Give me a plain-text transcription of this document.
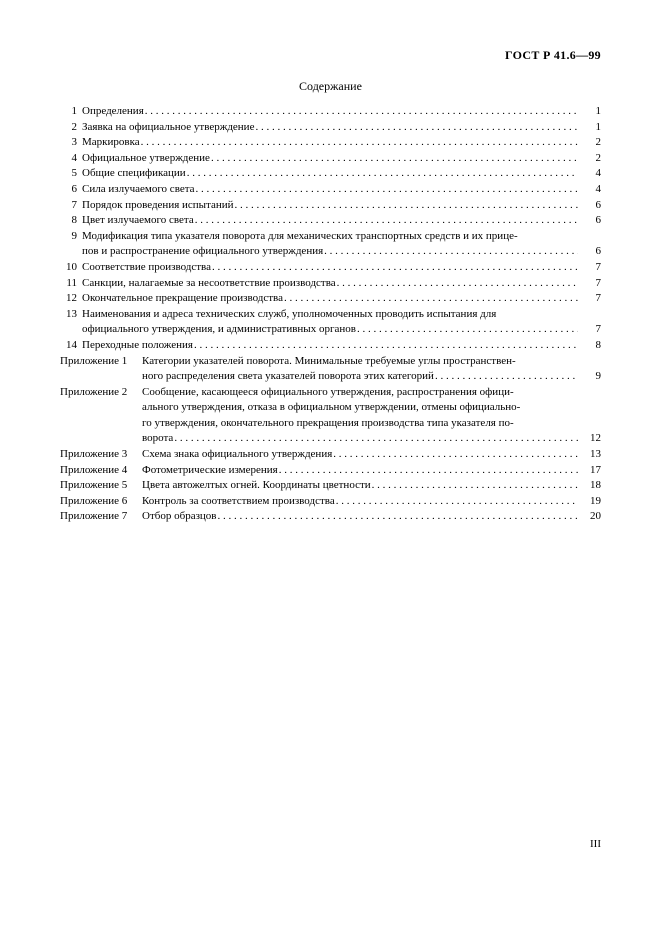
ГОСТ Р 41.6—99
Содержание
1 Определения . . .	1
2 Заявка на официальное утверждение . . .	1
3 Маркировка . . .	2
4 Официальное утверждение . . .	2
5 Общие спецификации . . .	4
6 Сила излучаемого света . . .	4
7 Порядок проведения испытаний . . .	6
8 Цвет излучаемого света . . .	6
9 Модификация типа указателя поворота для механических транспортных средств и их прице-
пов и распространение официального утверждения . . .	6
10 Соответствие производства . . .	7
11 Санкции, налагаемые за несоответствие производства . . .	7
12 Окончательное прекращение производства . . .	7
13 Наименования и адреса технических служб, уполномоченных проводить испытания для
официального утверждения, и административных органов . . .	7
14 Переходные положения . . .	8
Приложение 1	Категории указателей поворота. Минимальные требуемые углы пространствен-
ного распределения света указателей поворота этих категорий . . .	9
Приложение 2	Сообщение, касающееся официального утверждения, распространения офици-
ального утверждения, отказа в официальном утверждении, отмены официально-
го утверждения, окончательного прекращения производства типа указателя по-
ворота . . .	12
Приложение 3	Схема знака официального утверждения . . .	13
Приложение 4	Фотометрические измерения . . .	17
Приложение 5	Цвета автожелтых огней. Координаты цветности . . .	18
Приложение 6	Контроль за соответствием производства . . .	19
Приложение 7	Отбор образцов . . .	20
III
